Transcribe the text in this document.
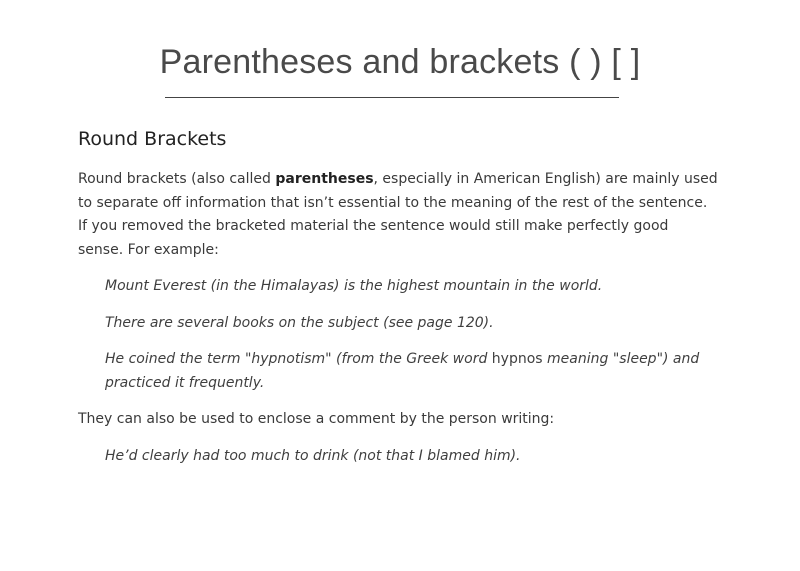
Parentheses and brackets ( ) [ ]
Round Brackets

Round brackets (also called parentheses, especially in American English) are mainly used to separate off information that isn’t essential to the meaning of the rest of the sentence. If you removed the bracketed material the sentence would still make perfectly good sense. For example:

Mount Everest (in the Himalayas) is the highest mountain in the world.

There are several books on the subject (see page 120).

He coined the term "hypnotism" (from the Greek word hypnos meaning "sleep") and practiced it frequently.

They can also be used to enclose a comment by the person writing:

He’d clearly had too much to drink (not that I blamed him).
